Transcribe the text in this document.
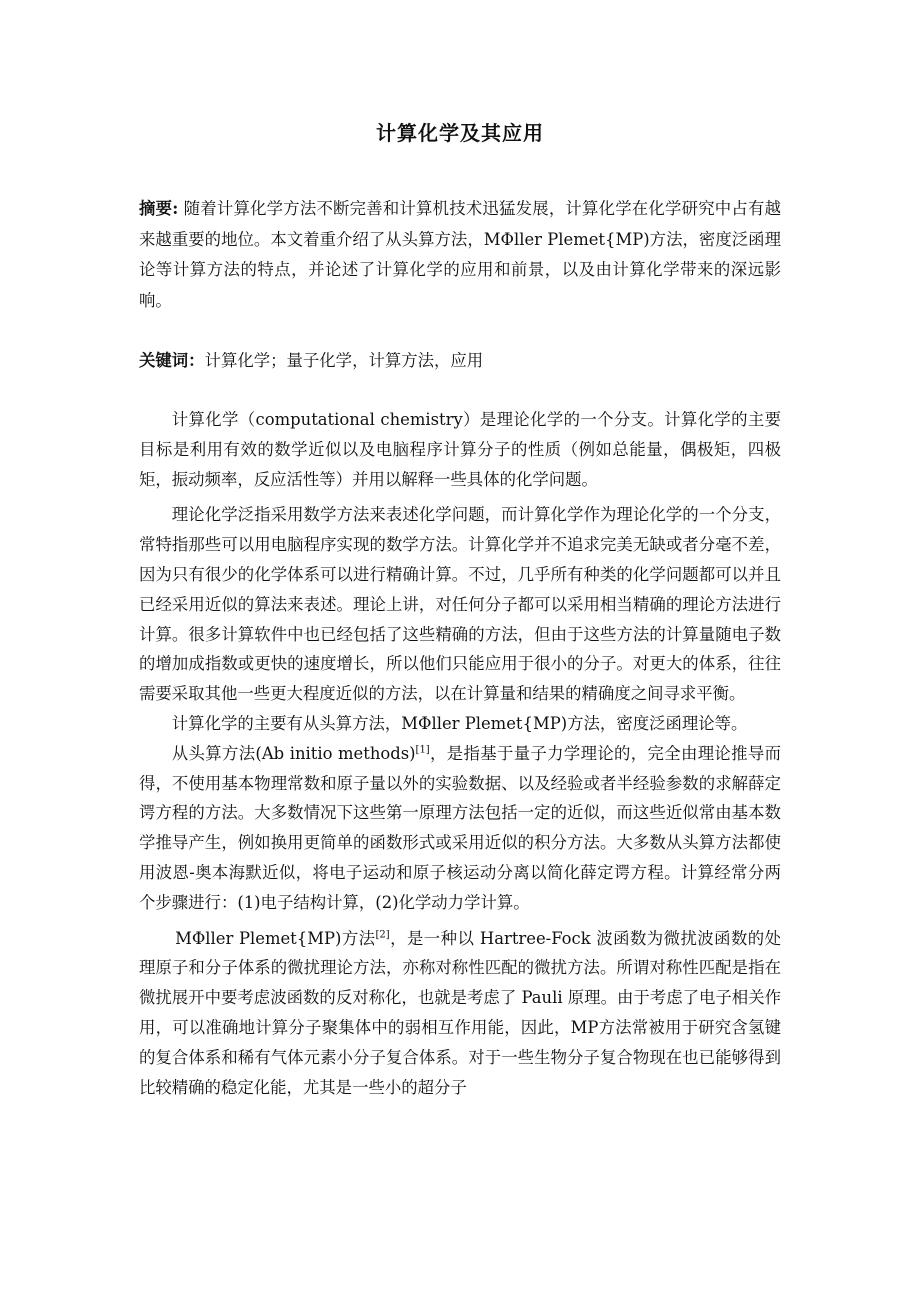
计算化学及其应用

摘要: 随着计算化学方法不断完善和计算机技术迅猛发展，计算化学在化学研究中占有越来越重要的地位。本文着重介绍了从头算方法，MΦller Plemet{MP)方法，密度泛函理论等计算方法的特点，并论述了计算化学的应用和前景，以及由计算化学带来的深远影响。

关键词：计算化学；量子化学，计算方法，应用

计算化学（computational chemistry）是理论化学的一个分支。计算化学的主要目标是利用有效的数学近似以及电脑程序计算分子的性质（例如总能量，偶极矩，四极矩，振动频率，反应活性等）并用以解释一些具体的化学问题。

理论化学泛指采用数学方法来表述化学问题，而计算化学作为理论化学的一个分支，常特指那些可以用电脑程序实现的数学方法。计算化学并不追求完美无缺或者分毫不差，因为只有很少的化学体系可以进行精确计算。不过，几乎所有种类的化学问题都可以并且已经采用近似的算法来表述。理论上讲，对任何分子都可以采用相当精确的理论方法进行计算。很多计算软件中也已经包括了这些精确的方法，但由于这些方法的计算量随电子数的增加成指数或更快的速度增长，所以他们只能应用于很小的分子。对更大的体系，往往需要采取其他一些更大程度近似的方法，以在计算量和结果的精确度之间寻求平衡。

计算化学的主要有从头算方法，MΦller Plemet{MP)方法，密度泛函理论等。

从头算方法(Ab initio methods)[1]，是指基于量子力学理论的，完全由理论推导而得，不使用基本物理常数和原子量以外的实验数据、以及经验或者半经验参数的求解薛定谔方程的方法。大多数情况下这些第一原理方法包括一定的近似，而这些近似常由基本数学推导产生，例如换用更简单的函数形式或采用近似的积分方法。大多数从头算方法都使用波恩-奥本海默近似，将电子运动和原子核运动分离以简化薛定谔方程。计算经常分两个步骤进行：(1)电子结构计算，(2)化学动力学计算。

MΦller Plemet{MP)方法[2]，是一种以 Hartree-Fock 波函数为微扰波函数的处理原子和分子体系的微扰理论方法，亦称对称性匹配的微扰方法。所谓对称性匹配是指在微扰展开中要考虑波函数的反对称化，也就是考虑了 Pauli 原理。由于考虑了电子相关作用，可以准确地计算分子聚集体中的弱相互作用能，因此，MP方法常被用于研究含氢键的复合体系和稀有气体元素小分子复合体系。对于一些生物分子复合物现在也已能够得到比较精确的稳定化能，尤其是一些小的超分子
